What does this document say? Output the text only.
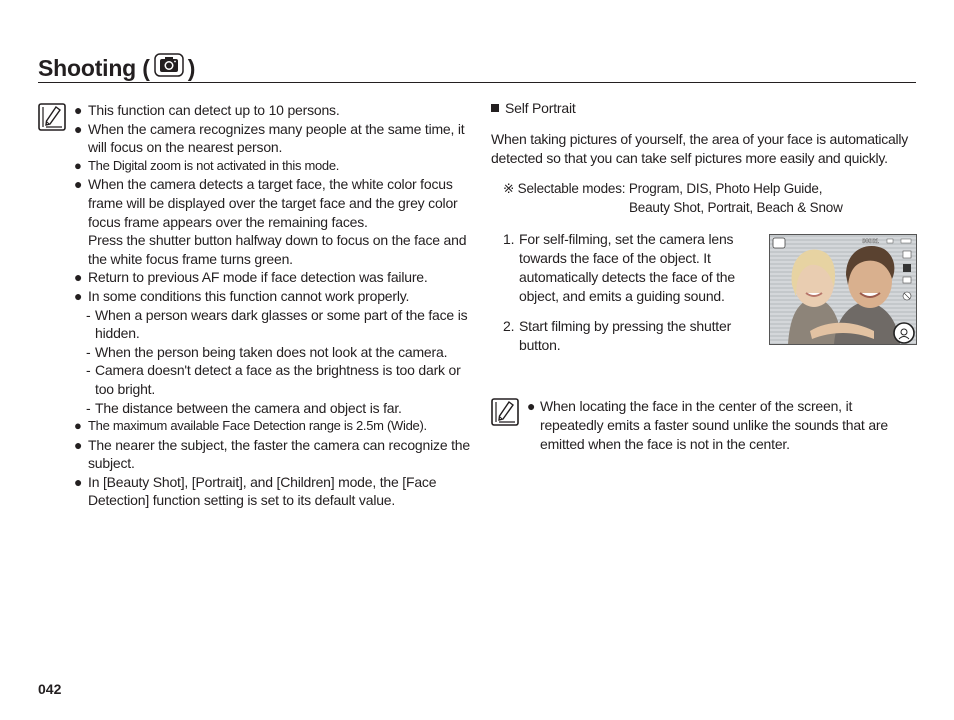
Shooting ( )
● This function can detect up to 10 persons.
● When the camera recognizes many people at the same time, it will focus on the nearest person.
● The Digital zoom is not activated in this mode.
● When the camera detects a target face, the white color focus frame will be displayed over the target face and the grey color focus frame appears over the remaining faces.
Press the shutter button halfway down to focus on the face and the white focus frame turns green.
● Return to previous AF mode if face detection was failure.
● In some conditions this function cannot work properly.
- When a person wears dark glasses or some part of the face is hidden.
- When the person being taken does not look at the camera.
- Camera doesn't detect a face as the brightness is too dark or too bright.
- The distance between the camera and object is far.
● The maximum available Face Detection range is 2.5m (Wide).
● The nearer the subject, the faster the camera can recognize the subject.
● In [Beauty Shot], [Portrait], and [Children] mode, the [Face Detection] function setting is set to its default value.
Self Portrait
When taking pictures of yourself, the area of your face is automatically detected so that you can take self pictures more easily and quickly.
※ Selectable modes: Program, DIS, Photo Help Guide,
Beauty Shot, Portrait, Beach & Snow
1. For self-filming, set the camera lens towards the face of the object. It automatically detects the face of the object, and emits a guiding sound.
2. Start filming by pressing the shutter button.
00001
● When locating the face in the center of the screen, it repeatedly emits a faster sound unlike the sounds that are emitted when the face is not in the center.
042
